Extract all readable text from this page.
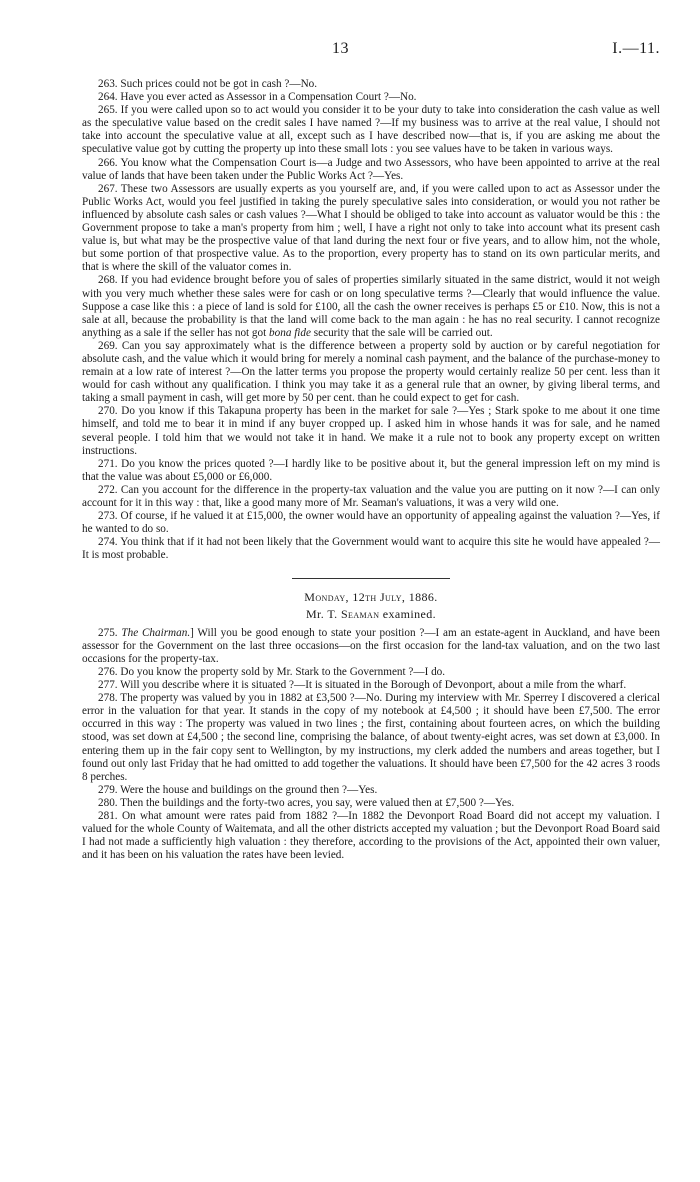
13	I.—11.

263. Such prices could not be got in cash ?—No.

264. Have you ever acted as Assessor in a Compensation Court ?—No.

265. If you were called upon so to act would you consider it to be your duty to take into consideration the cash value as well as the speculative value based on the credit sales I have named ?—If my business was to arrive at the real value, I should not take into account the speculative value at all, except such as I have described now—that is, if you are asking me about the speculative value got by cutting the property up into these small lots : you see values have to be taken in various ways.

266. You know what the Compensation Court is—a Judge and two Assessors, who have been appointed to arrive at the real value of lands that have been taken under the Public Works Act ?—Yes.

267. These two Assessors are usually experts as you yourself are, and, if you were called upon to act as Assessor under the Public Works Act, would you feel justified in taking the purely speculative sales into consideration, or would you not rather be influenced by absolute cash sales or cash values ?—What I should be obliged to take into account as valuator would be this : the Government propose to take a man's property from him ; well, I have a right not only to take into account what its present cash value is, but what may be the prospective value of that land during the next four or five years, and to allow him, not the whole, but some portion of that prospective value. As to the proportion, every property has to stand on its own particular merits, and that is where the skill of the valuator comes in.

268. If you had evidence brought before you of sales of properties similarly situated in the same district, would it not weigh with you very much whether these sales were for cash or on long speculative terms ?—Clearly that would influence the value. Suppose a case like this : a piece of land is sold for £100, all the cash the owner receives is perhaps £5 or £10. Now, this is not a sale at all, because the probability is that the land will come back to the man again : he has no real security. I cannot recognize anything as a sale if the seller has not got bona fide security that the sale will be carried out.

269. Can you say approximately what is the difference between a property sold by auction or by careful negotiation for absolute cash, and the value which it would bring for merely a nominal cash payment, and the balance of the purchase-money to remain at a low rate of interest ?—On the latter terms you propose the property would certainly realize 50 per cent. less than it would for cash without any qualification. I think you may take it as a general rule that an owner, by giving liberal terms, and taking a small payment in cash, will get more by 50 per cent. than he could expect to get for cash.

270. Do you know if this Takapuna property has been in the market for sale ?—Yes ; Stark spoke to me about it one time himself, and told me to bear it in mind if any buyer cropped up. I asked him in whose hands it was for sale, and he named several people. I told him that we would not take it in hand. We make it a rule not to book any property except on written instructions.

271. Do you know the prices quoted ?—I hardly like to be positive about it, but the general impression left on my mind is that the value was about £5,000 or £6,000.

272. Can you account for the difference in the property-tax valuation and the value you are putting on it now ?—I can only account for it in this way : that, like a good many more of Mr. Seaman's valuations, it was a very wild one.

273. Of course, if he valued it at £15,000, the owner would have an opportunity of appealing against the valuation ?—Yes, if he wanted to do so.

274. You think that if it had not been likely that the Government would want to acquire this site he would have appealed ?—It is most probable.

Monday, 12th July, 1886.
Mr. T. Seaman examined.

275. The Chairman.] Will you be good enough to state your position ?—I am an estate-agent in Auckland, and have been assessor for the Government on the last three occasions—on the first occasion for the land-tax valuation, and on the two last occasions for the property-tax.

276. Do you know the property sold by Mr. Stark to the Government ?—I do.

277. Will you describe where it is situated ?—It is situated in the Borough of Devonport, about a mile from the wharf.

278. The property was valued by you in 1882 at £3,500 ?—No. During my interview with Mr. Sperrey I discovered a clerical error in the valuation for that year. It stands in the copy of my notebook at £4,500 ; it should have been £7,500. The error occurred in this way : The property was valued in two lines ; the first, containing about fourteen acres, on which the building stood, was set down at £4,500 ; the second line, comprising the balance, of about twenty-eight acres, was set down at £3,000. In entering them up in the fair copy sent to Wellington, by my instructions, my clerk added the numbers and areas together, but I found out only last Friday that he had omitted to add together the valuations. It should have been £7,500 for the 42 acres 3 roods 8 perches.

279. Were the house and buildings on the ground then ?—Yes.

280. Then the buildings and the forty-two acres, you say, were valued then at £7,500 ?—Yes.

281. On what amount were rates paid from 1882 ?—In 1882 the Devonport Road Board did not accept my valuation. I valued for the whole County of Waitemata, and all the other districts accepted my valuation ; but the Devonport Road Board said I had not made a sufficiently high valuation : they therefore, according to the provisions of the Act, appointed their own valuer, and it has been on his valuation the rates have been levied.
